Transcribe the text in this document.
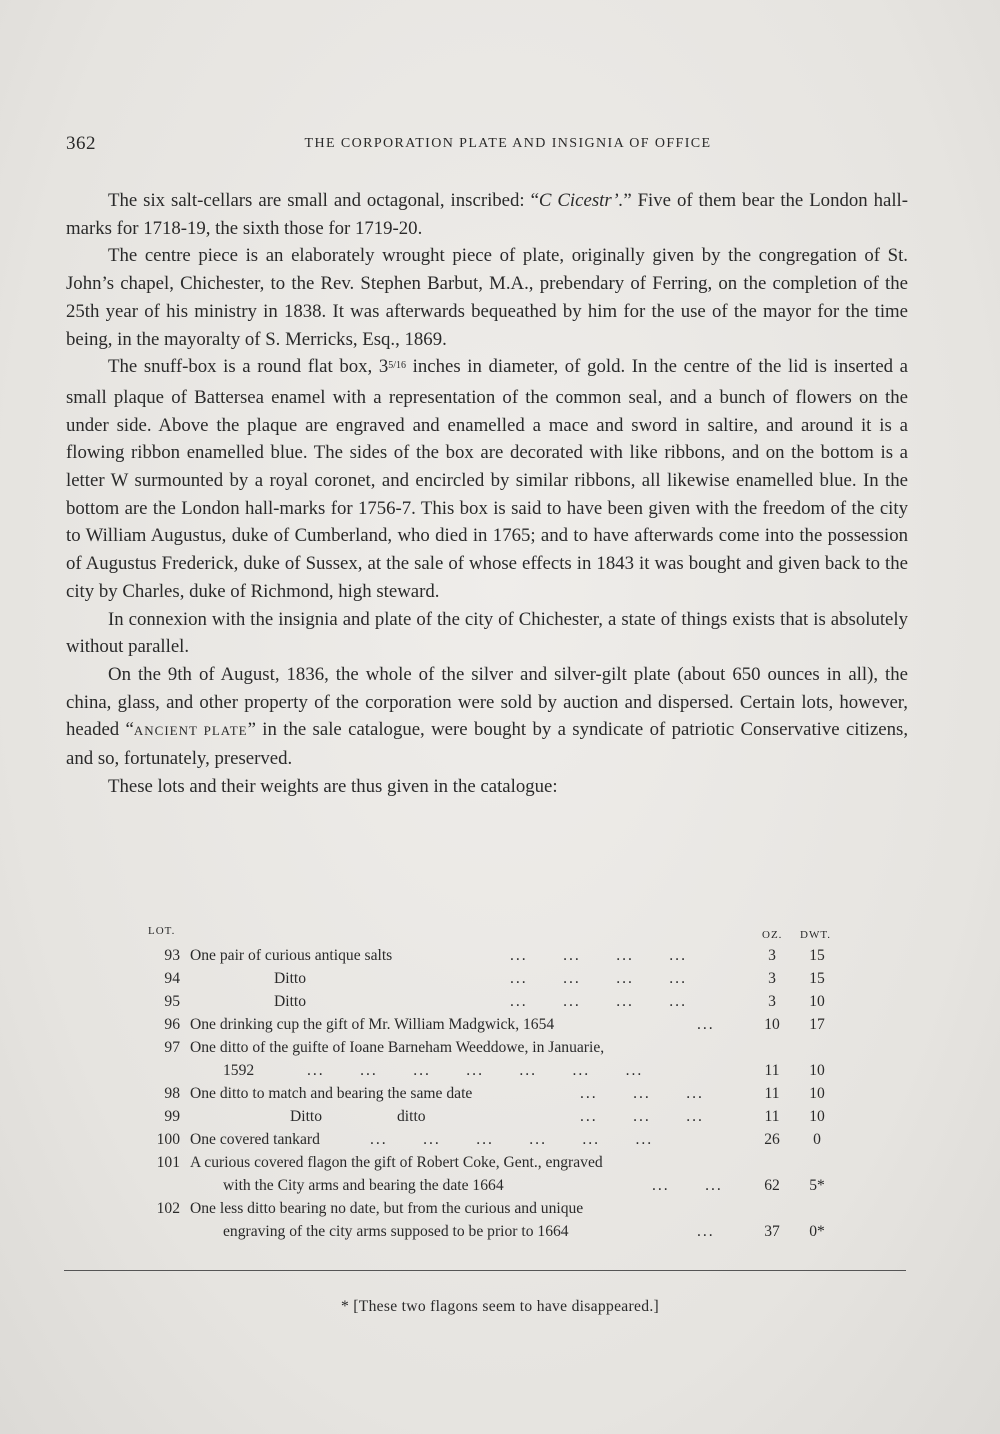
362	THE CORPORATION PLATE AND INSIGNIA OF OFFICE

The six salt-cellars are small and octagonal, inscribed: “C Cicestr’.” Five of them bear the London hall-marks for 1718-19, the sixth those for 1719-20.

The centre piece is an elaborately wrought piece of plate, originally given by the congregation of St. John’s chapel, Chichester, to the Rev. Stephen Barbut, M.A., prebendary of Ferring, on the completion of the 25th year of his ministry in 1838. It was afterwards bequeathed by him for the use of the mayor for the time being, in the mayoralty of S. Merricks, Esq., 1869.

The snuff-box is a round flat box, $3^{5/16}$ inches in diameter, of gold. In the centre of the lid is inserted a small plaque of Battersea enamel with a representation of the common seal, and a bunch of flowers on the under side. Above the plaque are engraved and enamelled a mace and sword in saltire, and around it is a flowing ribbon enamelled blue. The sides of the box are decorated with like ribbons, and on the bottom is a letter W surmounted by a royal coronet, and encircled by similar ribbons, all likewise enamelled blue. In the bottom are the London hall-marks for 1756-7. This box is said to have been given with the freedom of the city to William Augustus, duke of Cumberland, who died in 1765; and to have afterwards come into the possession of Augustus Frederick, duke of Sussex, at the sale of whose effects in 1843 it was bought and given back to the city by Charles, duke of Richmond, high steward.

In connexion with the insignia and plate of the city of Chichester, a state of things exists that is absolutely without parallel.

On the 9th of August, 1836, the whole of the silver and silver-gilt plate (about 650 ounces in all), the china, glass, and other property of the corporation were sold by auction and dispersed. Certain lots, however, headed “ANCIENT PLATE” in the sale catalogue, were bought by a syndicate of patriotic Conservative citizens, and so, fortunately, preserved.

These lots and their weights are thus given in the catalogue:

LOT.	OZ. DWT.
93 One pair of curious antique salts	... ... ... ...	3	15
94	Ditto	... ... ... ...	3	15
95	Ditto	... ... ... ...	3	10
96 One drinking cup the gift of Mr. William Madgwick, 1654	...	10	17
97 One ditto of the guifte of Ioane Barneham Weeddowe, in Januarie,
1592	... ... ... ... ... ... ...	11	10
98 One ditto to match and bearing the same date	... ... ...	11	10
99	Ditto	ditto	... ... ...	11	10
100 One covered tankard	... ... ... ... ... ...	26	0
101 A curious covered flagon the gift of Robert Coke, Gent., engraved
with the City arms and bearing the date 1664	... ...	62	5*
102 One less ditto bearing no date, but from the curious and unique
engraving of the city arms supposed to be prior to 1664	...	37	0*
* [These two flagons seem to have disappeared.]
